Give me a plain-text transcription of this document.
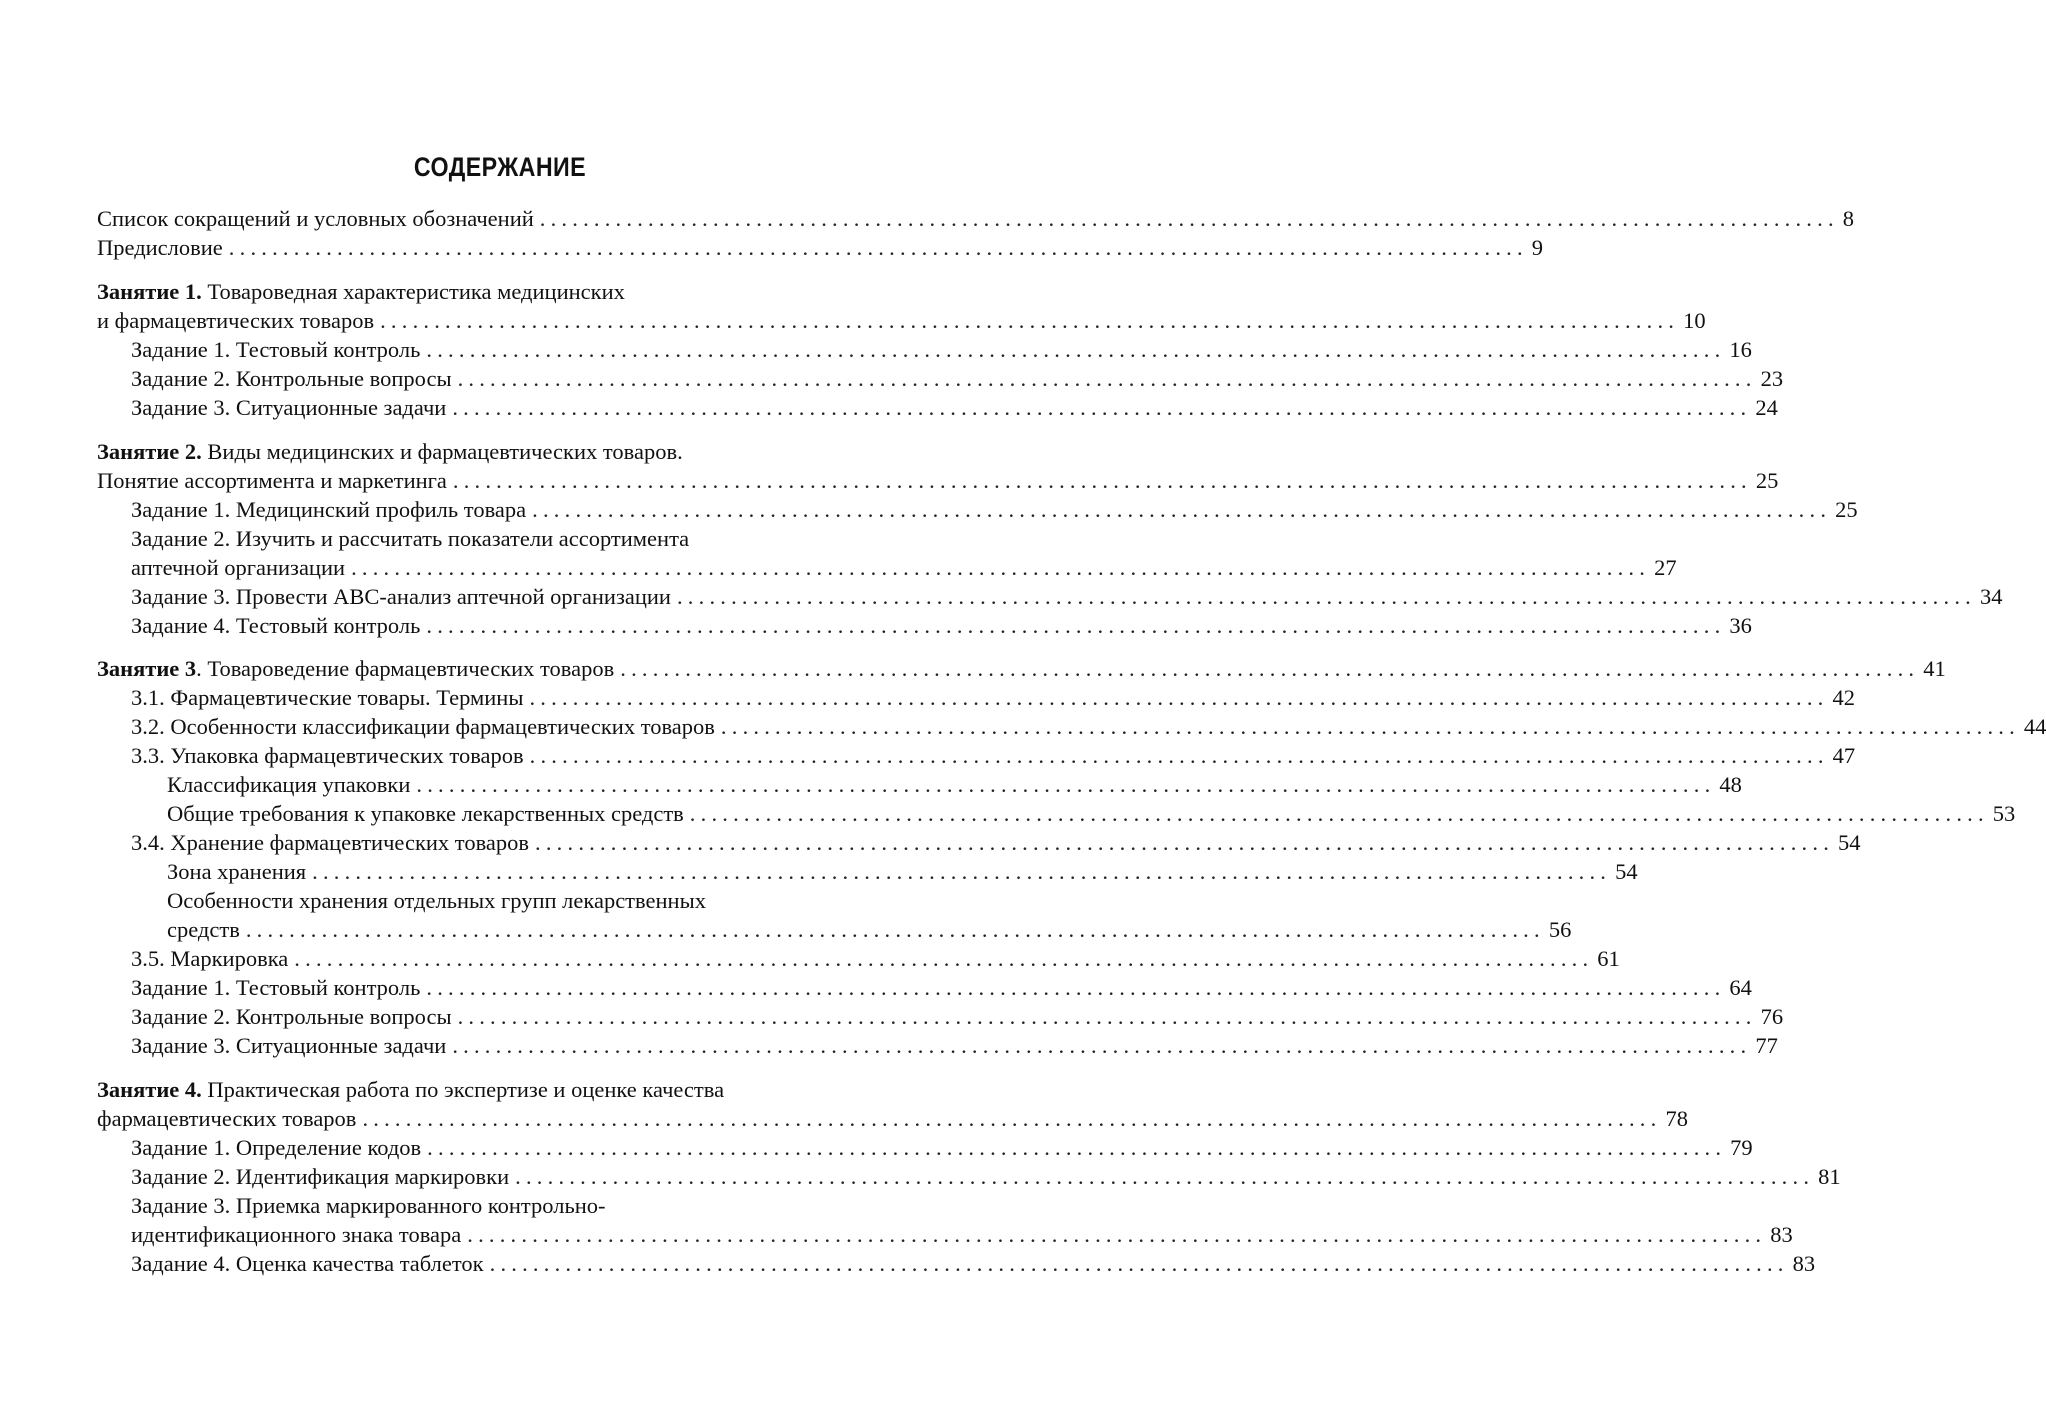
СОДЕРЖАНИЕ
Список сокращений и условных обозначений ........................................................................................................................ 8
Предисловие ........................................................................................................................ 9
Занятие 1. Товароведная характеристика медицинских
и фармацевтических товаров ........................................................................................................................ 10
Задание 1. Тестовый контроль ........................................................................................................................ 16
Задание 2. Контрольные вопросы ........................................................................................................................ 23
Задание 3. Ситуационные задачи ........................................................................................................................ 24
Занятие 2. Виды медицинских и фармацевтических товаров.
Понятие ассортимента и маркетинга ........................................................................................................................ 25
Задание 1. Медицинский профиль товара ........................................................................................................................ 25
Задание 2. Изучить и рассчитать показатели ассортимента
аптечной организации ........................................................................................................................ 27
Задание 3. Провести АВС-анализ аптечной организации ........................................................................................................................ 34
Задание 4. Тестовый контроль ........................................................................................................................ 36
Занятие 3. Товароведение фармацевтических товаров ........................................................................................................................ 41
3.1. Фармацевтические товары. Термины ........................................................................................................................ 42
3.2. Особенности классификации фармацевтических товаров ........................................................................................................................ 44
3.3. Упаковка фармацевтических товаров ........................................................................................................................ 47
Классификация упаковки ........................................................................................................................ 48
Общие требования к упаковке лекарственных средств ........................................................................................................................ 53
3.4. Хранение фармацевтических товаров ........................................................................................................................ 54
Зона хранения ........................................................................................................................ 54
Особенности хранения отдельных групп лекарственных
средств ........................................................................................................................ 56
3.5. Маркировка ........................................................................................................................ 61
Задание 1. Тестовый контроль ........................................................................................................................ 64
Задание 2. Контрольные вопросы ........................................................................................................................ 76
Задание 3. Ситуационные задачи ........................................................................................................................ 77
Занятие 4. Практическая работа по экспертизе и оценке качества
фармацевтических товаров ........................................................................................................................ 78
Задание 1. Определение кодов ........................................................................................................................ 79
Задание 2. Идентификация маркировки ........................................................................................................................ 81
Задание 3. Приемка маркированного контрольно-
идентификационного знака товара ........................................................................................................................ 83
Задание 4. Оценка качества таблеток ........................................................................................................................ 83
